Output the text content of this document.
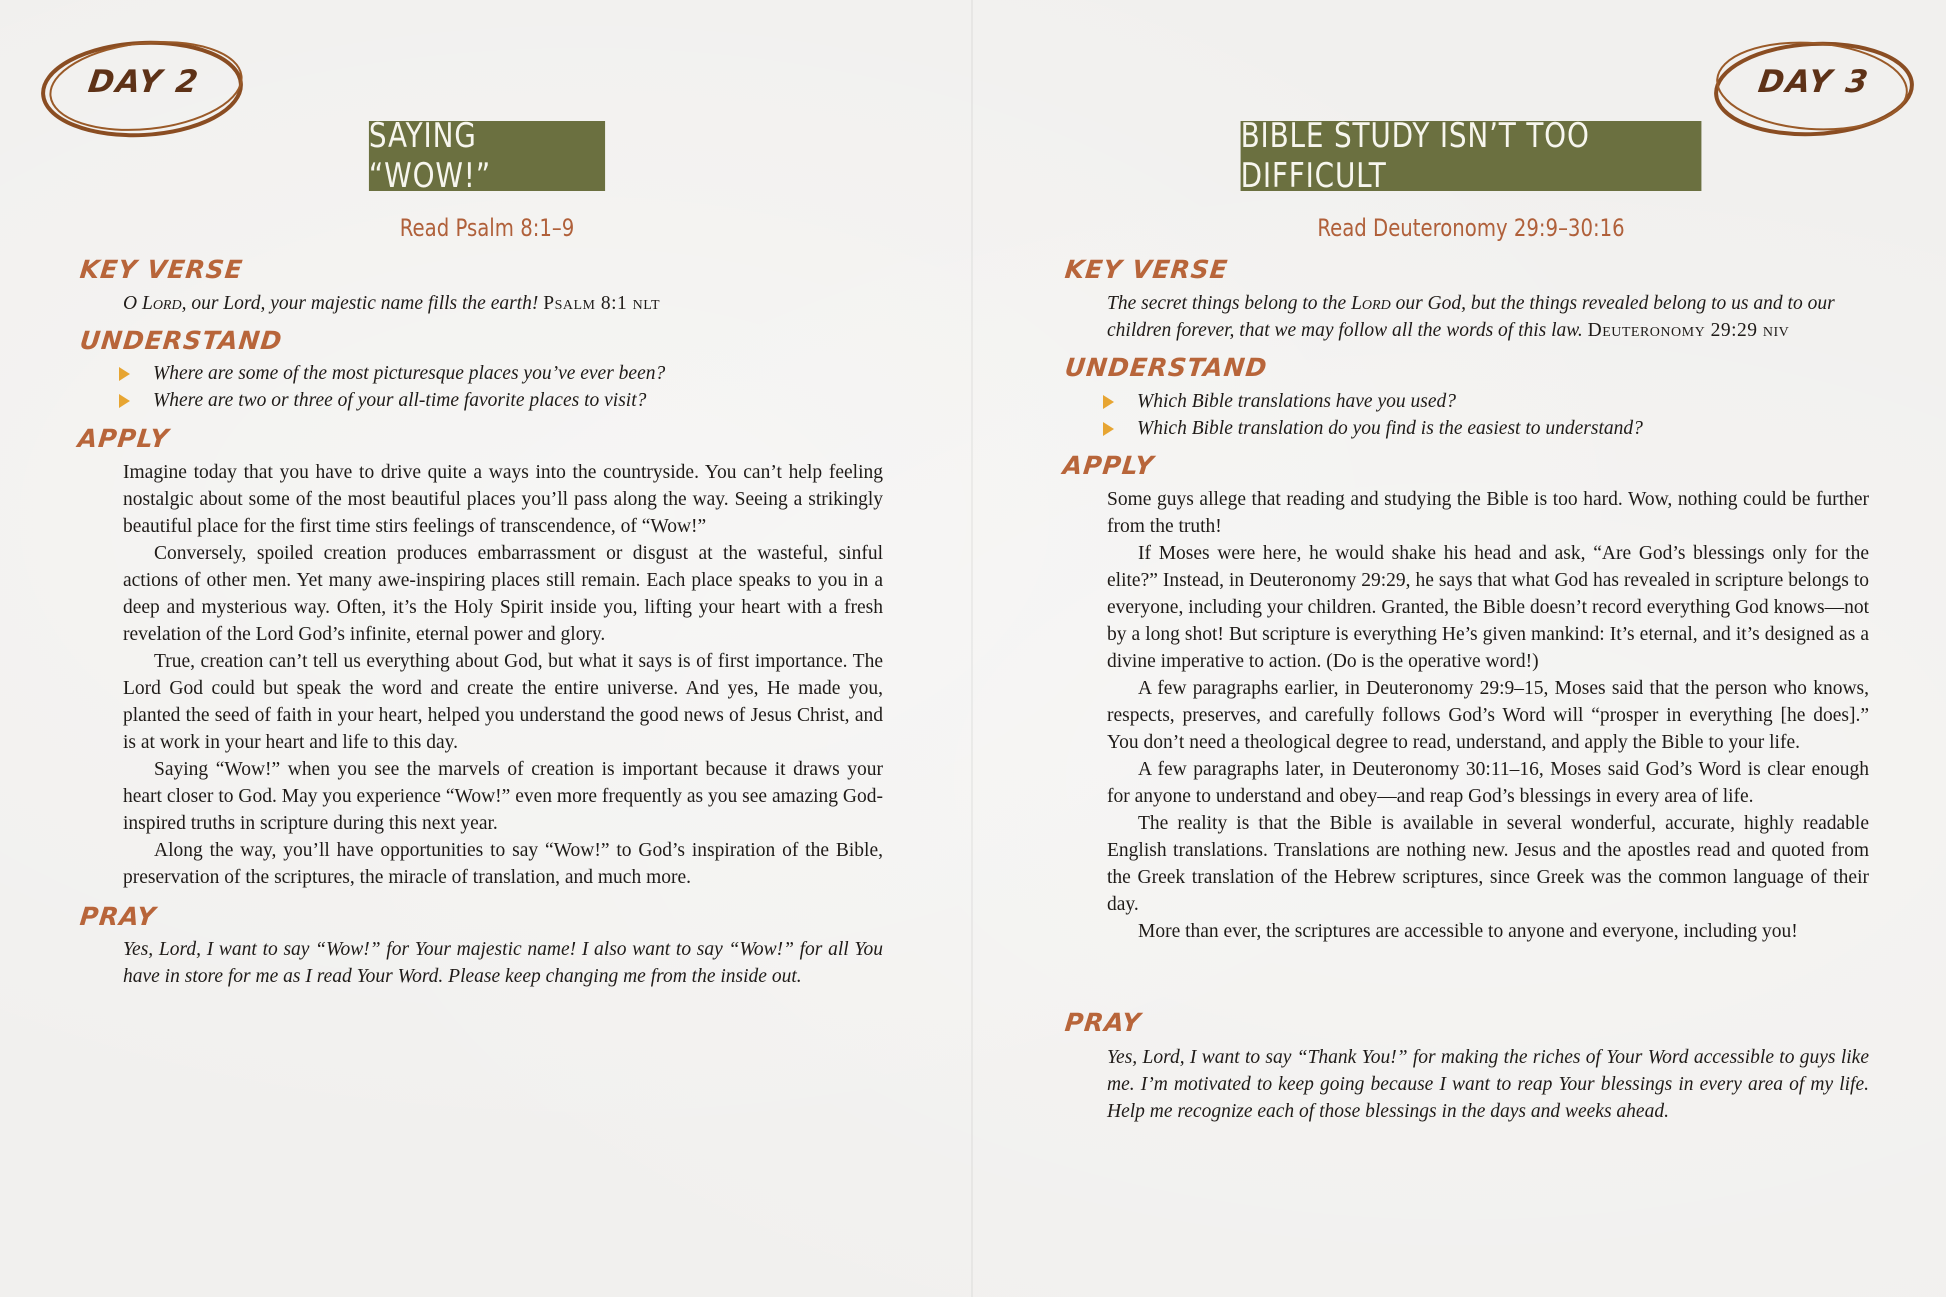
DAY 2
SAYING “WOW!”
Read Psalm 8:1–9
KEY VERSE
O Lord, our Lord, your majestic name fills the earth! Psalm 8:1 nlt
UNDERSTAND
Where are some of the most picturesque places you’ve ever been?
Where are two or three of your all-time favorite places to visit?
APPLY

Imagine today that you have to drive quite a ways into the countryside. You can’t help feeling nostalgic about some of the most beautiful places you’ll pass along the way. Seeing a strikingly beautiful place for the first time stirs feelings of transcendence, of “Wow!”

Conversely, spoiled creation produces embarrassment or disgust at the wasteful, sinful actions of other men. Yet many awe-inspiring places still remain. Each place speaks to you in a deep and mysterious way. Often, it’s the Holy Spirit inside you, lifting your heart with a fresh revelation of the Lord God’s infinite, eternal power and glory.

True, creation can’t tell us everything about God, but what it says is of first importance. The Lord God could but speak the word and create the entire universe. And yes, He made you, planted the seed of faith in your heart, helped you understand the good news of Jesus Christ, and is at work in your heart and life to this day.

Saying “Wow!” when you see the marvels of creation is important because it draws your heart closer to God. May you experience “Wow!” even more frequently as you see amazing God-inspired truths in scripture during this next year.

Along the way, you’ll have opportunities to say “Wow!” to God’s inspiration of the Bible, preservation of the scriptures, the miracle of translation, and much more.

PRAY
Yes, Lord, I want to say “Wow!” for Your majestic name! I also want to say “Wow!” for all You have in store for me as I read Your Word. Please keep changing me from the inside out.
DAY 3
BIBLE STUDY ISN’T TOO DIFFICULT
Read Deuteronomy 29:9–30:16
KEY VERSE
The secret things belong to the Lord our God, but the things revealed belong to us and to our children forever, that we may follow all the words of this law. Deuteronomy 29:29 niv
UNDERSTAND
Which Bible translations have you used?
Which Bible translation do you find is the easiest to understand?
APPLY

Some guys allege that reading and studying the Bible is too hard. Wow, nothing could be further from the truth!

If Moses were here, he would shake his head and ask, “Are God’s blessings only for the elite?” Instead, in Deuteronomy 29:29, he says that what God has revealed in scripture belongs to everyone, including your children. Granted, the Bible doesn’t record everything God knows—not by a long shot! But scripture is everything He’s given mankind: It’s eternal, and it’s designed as a divine imperative to action. (Do is the operative word!)

A few paragraphs earlier, in Deuteronomy 29:9–15, Moses said that the person who knows, respects, preserves, and carefully follows God’s Word will “prosper in everything [he does].” You don’t need a theological degree to read, understand, and apply the Bible to your life.

A few paragraphs later, in Deuteronomy 30:11–16, Moses said God’s Word is clear enough for anyone to understand and obey—and reap God’s blessings in every area of life.

The reality is that the Bible is available in several wonderful, accurate, highly readable English translations. Translations are nothing new. Jesus and the apostles read and quoted from the Greek translation of the Hebrew scriptures, since Greek was the common language of their day.

More than ever, the scriptures are accessible to anyone and everyone, including you!

PRAY
Yes, Lord, I want to say “Thank You!” for making the riches of Your Word accessible to guys like me. I’m motivated to keep going because I want to reap Your blessings in every area of my life. Help me recognize each of those blessings in the days and weeks ahead.
